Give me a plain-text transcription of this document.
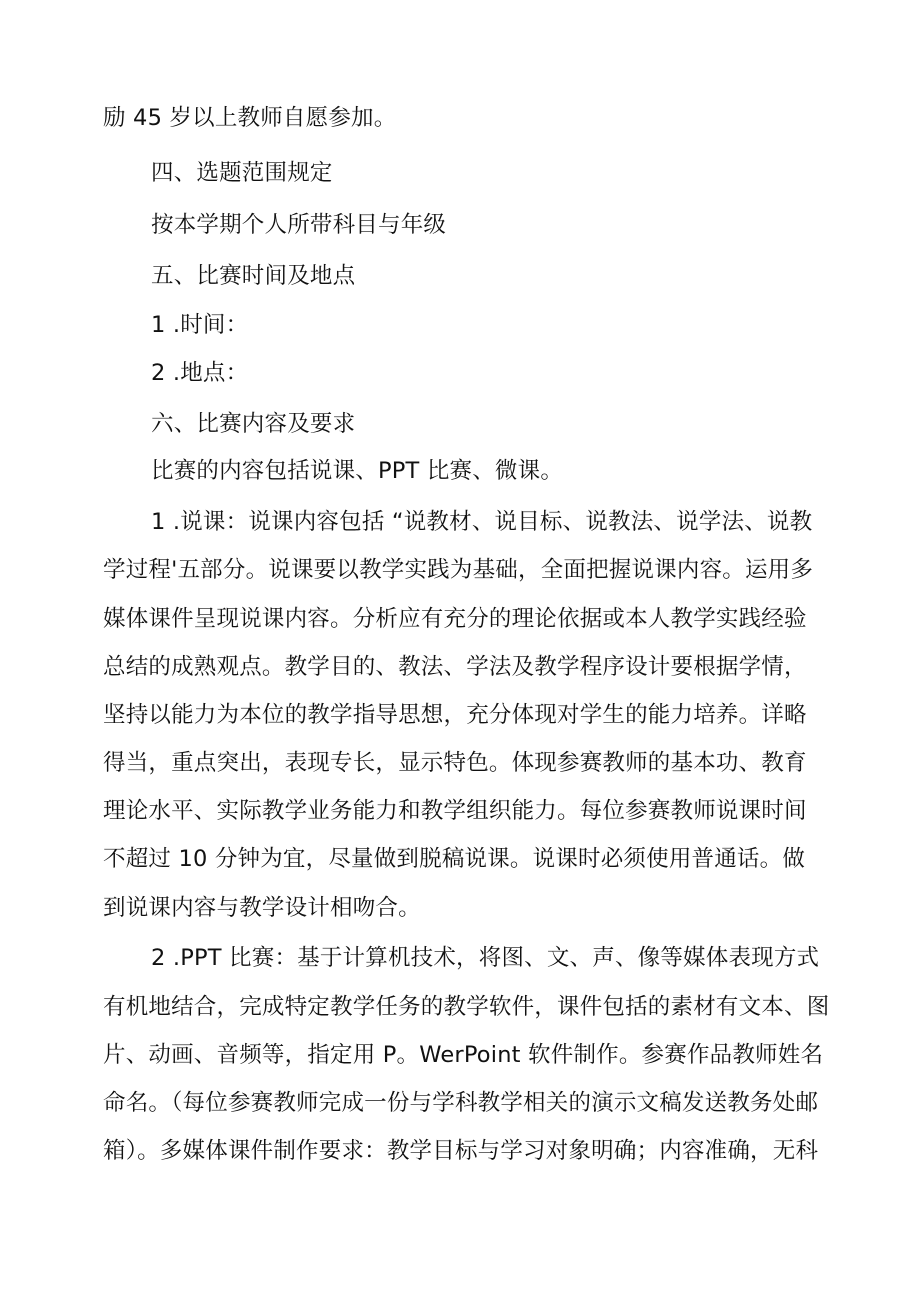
励 45 岁以上教师自愿参加。
四、选题范围规定
按本学期个人所带科目与年级
五、比赛时间及地点
1 .时间：
2 .地点：
六、比赛内容及要求
比赛的内容包括说课、PPT 比赛、微课。
1 .说课：说课内容包括 “说教材、说目标、说教法、说学法、说教
学过程'五部分。说课要以教学实践为基础，全面把握说课内容。运用多
媒体课件呈现说课内容。分析应有充分的理论依据或本人教学实践经验
总结的成熟观点。教学目的、教法、学法及教学程序设计要根据学情，
坚持以能力为本位的教学指导思想，充分体现对学生的能力培养。详略
得当，重点突出，表现专长，显示特色。体现参赛教师的基本功、教育
理论水平、实际教学业务能力和教学组织能力。每位参赛教师说课时间
不超过 10 分钟为宜，尽量做到脱稿说课。说课时必须使用普通话。做
到说课内容与教学设计相吻合。
2 .PPT 比赛：基于计算机技术，将图、文、声、像等媒体表现方式
有机地结合，完成特定教学任务的教学软件，课件包括的素材有文本、图
片、动画、音频等，指定用 P。WerPoint 软件制作。参赛作品教师姓名
命名。（每位参赛教师完成一份与学科教学相关的演示文稿发送教务处邮
箱）。多媒体课件制作要求：教学目标与学习对象明确；内容准确，无科
